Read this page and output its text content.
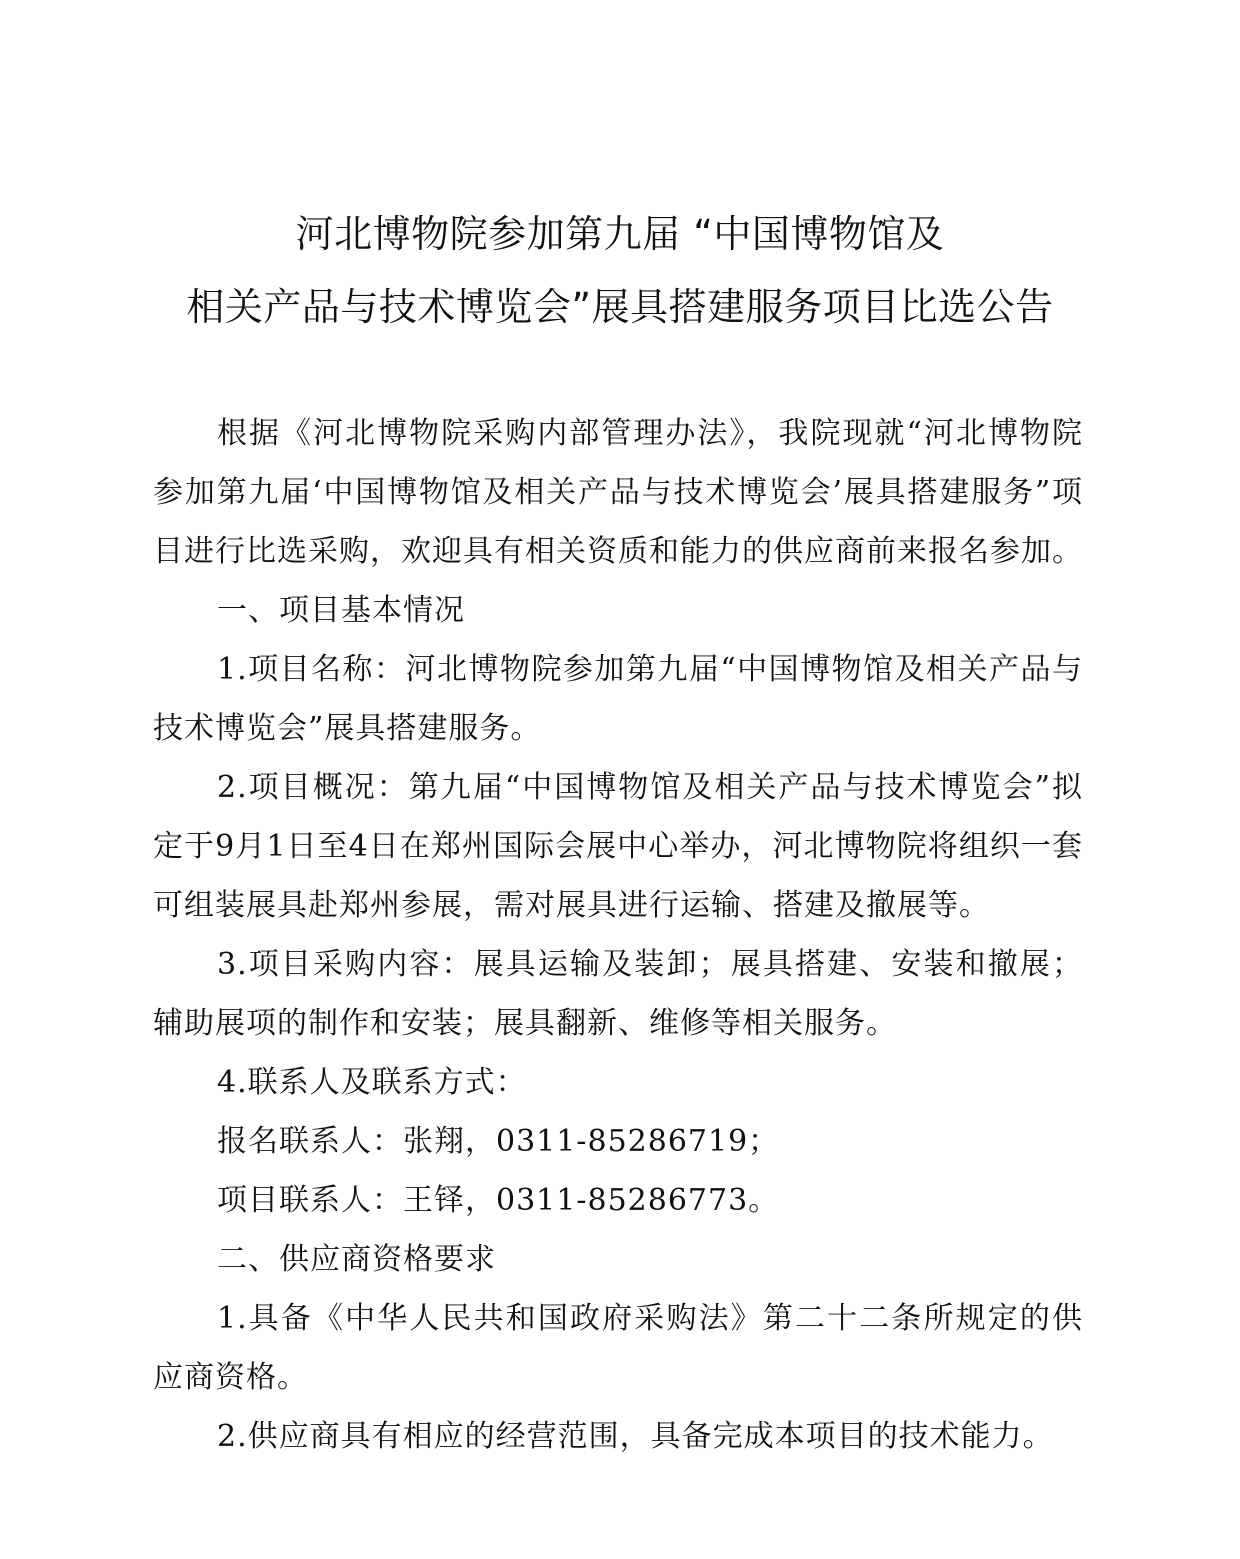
河北博物院参加第九届 “中国博物馆及
相关产品与技术博览会”展具搭建服务项目比选公告

根据《河北博物院采购内部管理办法》，我院现就“河北博物院参加第九届‘中国博物馆及相关产品与技术博览会’展具搭建服务”项目进行比选采购，欢迎具有相关资质和能力的供应商前来报名参加。

一、项目基本情况

1.项目名称：河北博物院参加第九届“中国博物馆及相关产品与技术博览会”展具搭建服务。

2.项目概况：第九届“中国博物馆及相关产品与技术博览会”拟定于9月1日至4日在郑州国际会展中心举办，河北博物院将组织一套可组装展具赴郑州参展，需对展具进行运输、搭建及撤展等。

3.项目采购内容：展具运输及装卸；展具搭建、安装和撤展；辅助展项的制作和安装；展具翻新、维修等相关服务。

4.联系人及联系方式：

报名联系人：张翔，0311-85286719；

项目联系人：王铎，0311-85286773。

二、供应商资格要求

1.具备《中华人民共和国政府采购法》第二十二条所规定的供应商资格。

2.供应商具有相应的经营范围，具备完成本项目的技术能力。
